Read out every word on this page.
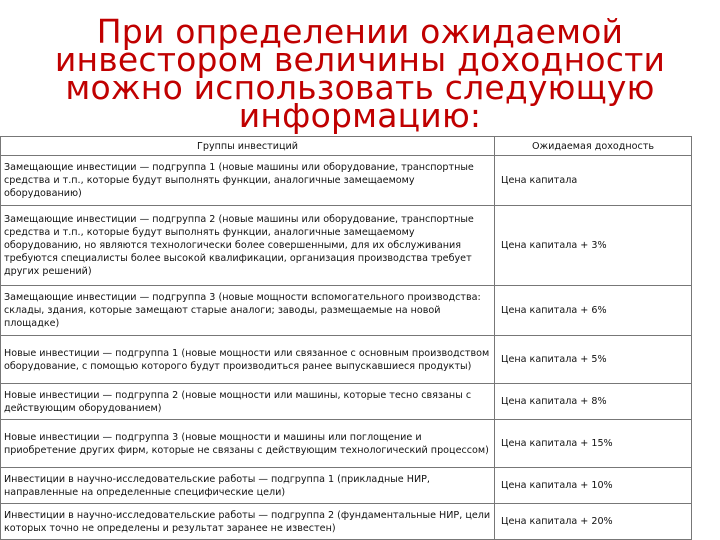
При определении ожидаемой инвестором величины доходности можно использовать следующую информацию:
Группы инвестиций	Ожидаемая доходность
Замещающие инвестиции — подгруппа 1 (новые машины или оборудование, транспортные средства и т.п., которые будут выполнять функции, аналогичные замещаемому оборудованию)	Цена капитала
Замещающие инвестиции — подгруппа 2 (новые машины или оборудование, транспортные средства и т.п., которые будут выполнять функции, аналогичные замещаемому оборудованию, но являются технологически более совершенными, для их обслуживания требуются специалисты более высокой квалификации, организация производства требует других решений)	Цена капитала + 3%
Замещающие инвестиции — подгруппа 3 (новые мощности вспомогательного производства: склады, здания, которые замещают старые аналоги; заводы, размещаемые на новой площадке)	Цена капитала + 6%
Новые инвестиции — подгруппа 1 (новые мощности или связанное с основным производством оборудование, с помощью которого будут производиться ранее выпускавшиеся продукты)	Цена капитала + 5%
Новые инвестиции — подгруппа 2 (новые мощности или машины, которые тесно связаны с действующим оборудованием)	Цена капитала + 8%
Новые инвестиции — подгруппа 3 (новые мощности и машины или поглощение и приобретение других фирм, которые не связаны с действующим технологический процессом)	Цена капитала + 15%
Инвестиции в научно-исследовательские работы — подгруппа 1 (прикладные НИР, направленные на определенные специфические цели)	Цена капитала + 10%
Инвестиции в научно-исследовательские работы — подгруппа 2 (фундаментальные НИР, цели которых точно не определены и результат заранее не известен)	Цена капитала + 20%
